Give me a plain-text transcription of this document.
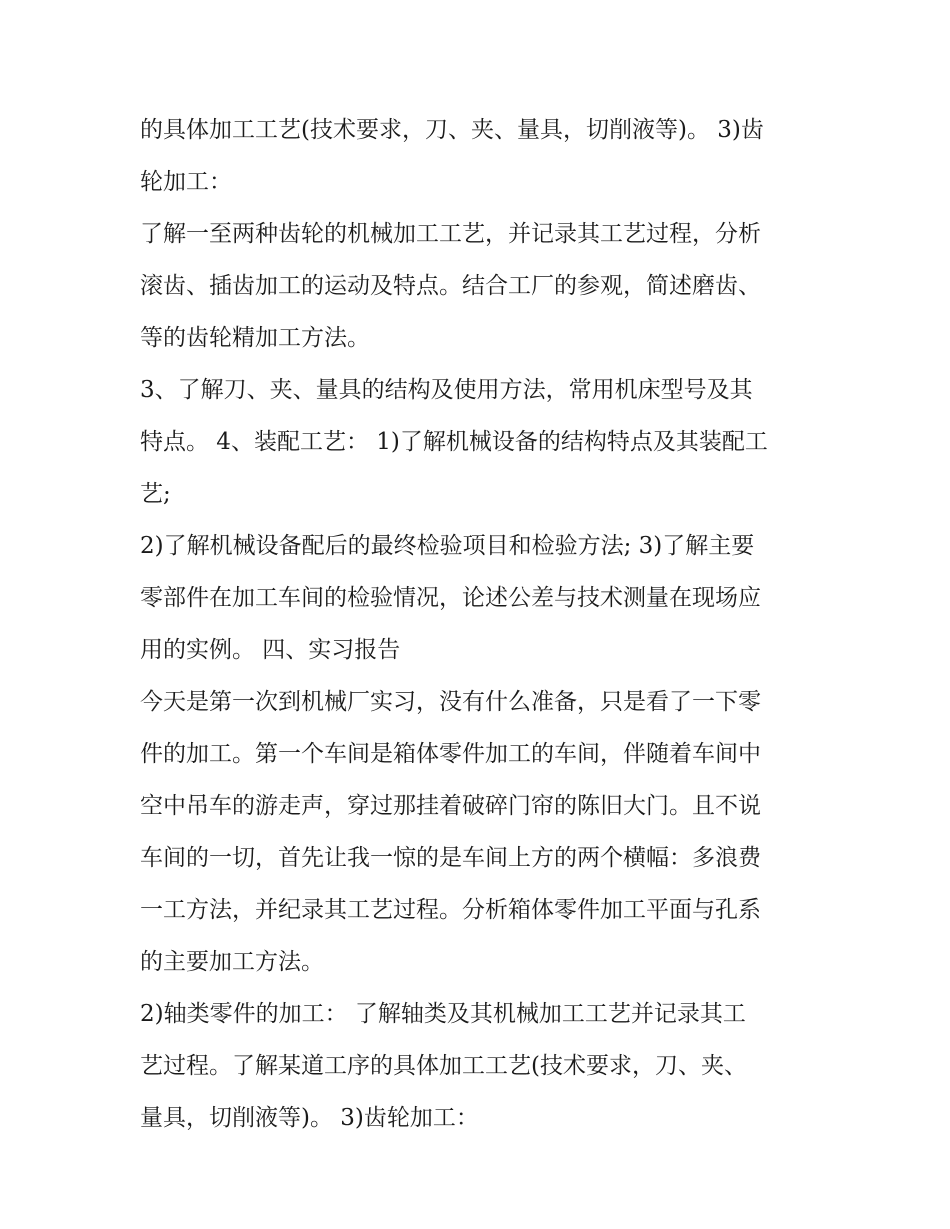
的具体加工工艺(技术要求，刀、夹、量具，切削液等)。 3)齿

轮加工：

了解一至两种齿轮的机械加工工艺，并记录其工艺过程，分析

滚齿、插齿加工的运动及特点。结合工厂的参观，简述磨齿、

等的齿轮精加工方法。

3、了解刀、夹、量具的结构及使用方法，常用机床型号及其

特点。 4、装配工艺： 1)了解机械设备的结构特点及其装配工

艺;

2)了解机械设备配后的最终检验项目和检验方法; 3)了解主要

零部件在加工车间的检验情况，论述公差与技术测量在现场应

用的实例。 四、实习报告

今天是第一次到机械厂实习，没有什么准备，只是看了一下零

件的加工。第一个车间是箱体零件加工的车间，伴随着车间中

空中吊车的游走声，穿过那挂着破碎门帘的陈旧大门。且不说

车间的一切，首先让我一惊的是车间上方的两个横幅：多浪费

一工方法，并纪录其工艺过程。分析箱体零件加工平面与孔系

的主要加工方法。

2)轴类零件的加工： 了解轴类及其机械加工工艺并记录其工

艺过程。了解某道工序的具体加工工艺(技术要求，刀、夹、

量具，切削液等)。 3)齿轮加工：
